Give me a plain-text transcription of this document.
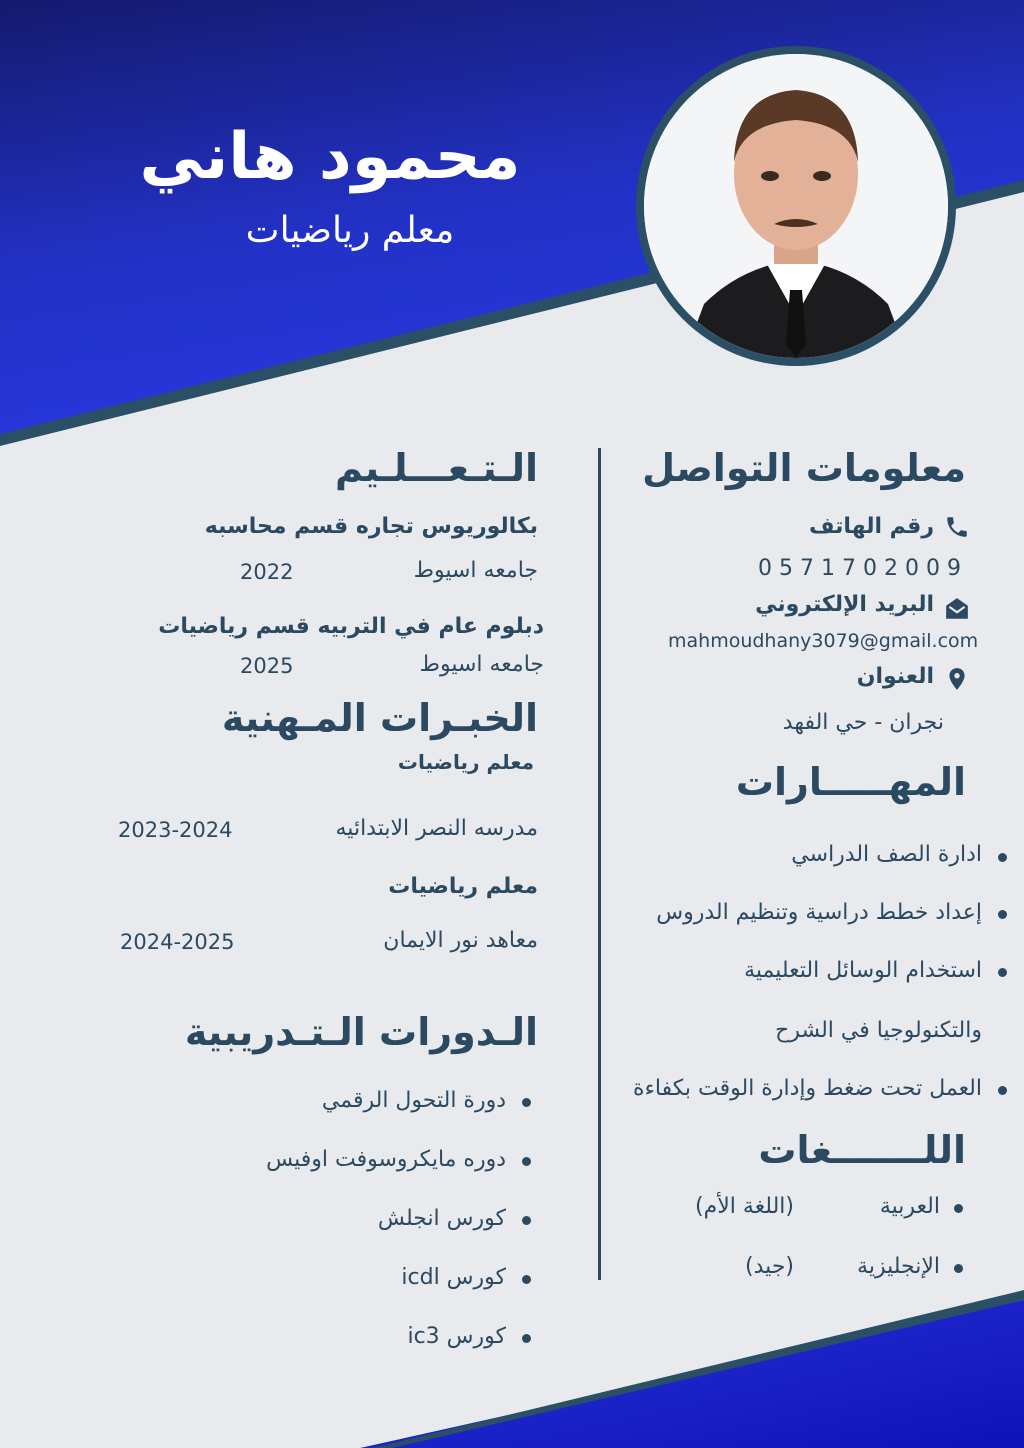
محمود هاني
معلم رياضيات
معلومات التواصل
رقم الهاتف
0571702009
البريد الإلكتروني
mahmoudhany3079@gmail.com
العنوان
نجران - حي الفهد
المهـــــارات
ادارة الصف الدراسي
إعداد خطط دراسية وتنظيم الدروس
استخدام الوسائل التعليمية
والتكنولوجيا في الشرح
العمل تحت ضغط وإدارة الوقت بكفاءة
اللـــــــغات
العربية
(اللغة الأم)
الإنجليزية
(جيد)
الـتـعـــلـيم
بكالوريوس تجاره قسم محاسبه
جامعه اسيوط
2022
دبلوم عام في التربيه قسم رياضيات
جامعه اسيوط
2025
الخبـرات المـهنية
معلم رياضيات
مدرسه النصر الابتدائيه
2023-2024
معلم رياضيات
معاهد نور الايمان
2024-2025
الـدورات الـتـدريبية
دورة التحول الرقمي
دوره مايكروسوفت اوفيس
كورس انجلش
كورس icdl
كورس ic3
